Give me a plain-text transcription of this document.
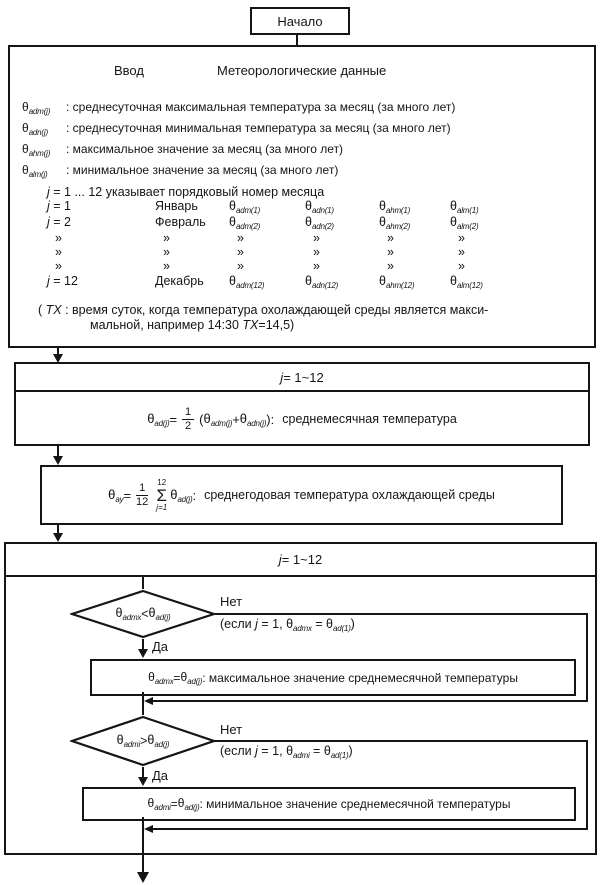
Начало
Ввод	Метеорологические данные
$\theta_{adm(j)}$ : среднесуточная максимальная температура за месяц (за много лет)
$\theta_{adn(j)}$ : среднесуточная минимальная температура за месяц (за много лет)
$\theta_{ahm(j)}$ : максимальное значение за месяц (за много лет)
$\theta_{alm(j)}$ : минимальное значение за месяц (за много лет)
j = 1 ... 12 указывает порядковый номер месяца
j = 1	Январь	$\theta_{adm(1)}$	$\theta_{adn(1)}$	$\theta_{ahm(1)}$	$\theta_{alm(1)}$
j = 2	Февраль	$\theta_{adm(2)}$	$\theta_{adn(2)}$	$\theta_{ahm(2)}$	$\theta_{alm(2)}$
»	»	»	»	»	»
»	»	»	»	»	»
»	»	»	»	»	»
j = 12	Декабрь	$\theta_{adm(12)}$	$\theta_{adn(12)}$	$\theta_{ahm(12)}$	$\theta_{alm(12)}$
( TX : время суток, когда температура охолаждающей среды является макси-
мальной, например 14:30 TX=14,5)
j = 1~12
$\theta_{ad(j)} = \frac{1}{2}$ ( $\theta_{adm(j)} + \theta_{adn(j)}$ ): среднемесячная температура
$\theta_{ay} = \frac{1}{12} 12$
Σ
j=1
$\theta_{ad(j)}$ : среднегодовая температура охлаждающей среды
j = 1~12
$\theta_{admx} < \theta_{ad(j)}$
Нет
(если j = 1, $\theta_{admx} = \theta_{ad(1)}$)
Да
$\theta_{admx} = \theta_{ad(j)}$ : максимальное значение среднемесячной температуры
$\theta_{admi} > \theta_{ad(j)}$
Нет
(если j = 1, $\theta_{admi} = \theta_{ad(1)}$)
Да
$\theta_{admi} = \theta_{ad(j)}$ : минимальное значение среднемесячной температуры
